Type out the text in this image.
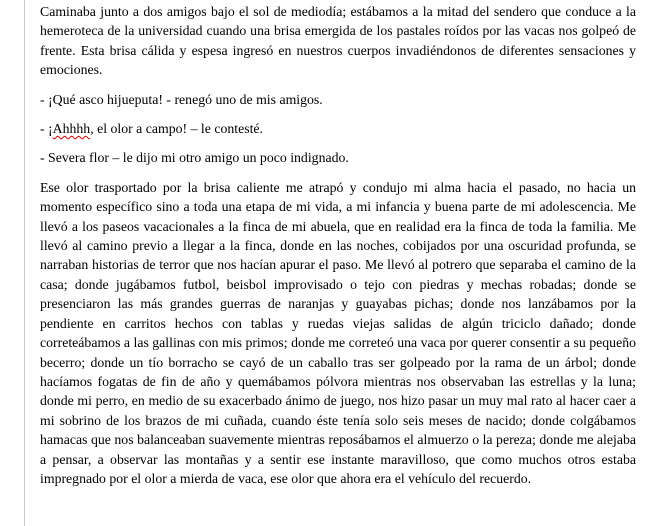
Caminaba junto a dos amigos bajo el sol de mediodía; estábamos a la mitad del sendero que conduce a la hemeroteca de la universidad cuando una brisa emergida de los pastales roídos por las vacas nos golpeó de frente. Esta brisa cálida y espesa ingresó en nuestros cuerpos invadiéndonos de diferentes sensaciones y emociones.

- ¡Qué asco hijueputa! - renegó uno de mis amigos.

- ¡Ahhhh, el olor a campo! – le contesté.

- Severa flor – le dijo mi otro amigo un poco indignado.

Ese olor trasportado por la brisa caliente me atrapó y condujo mi alma hacia el pasado, no hacia un momento específico sino a toda una etapa de mi vida, a mi infancia y buena parte de mi adolescencia. Me llevó a los paseos vacacionales a la finca de mi abuela, que en realidad era la finca de toda la familia. Me llevó al camino previo a llegar a la finca, donde en las noches, cobijados por una oscuridad profunda, se narraban historias de terror que nos hacían apurar el paso. Me llevó al potrero que separaba el camino de la casa; donde jugábamos futbol, beisbol improvisado o tejo con piedras y mechas robadas; donde se presenciaron las más grandes guerras de naranjas y guayabas pichas; donde nos lanzábamos por la pendiente en carritos hechos con tablas y ruedas viejas salidas de algún triciclo dañado; donde correteábamos a las gallinas con mis primos; donde me correteó una vaca por querer consentir a su pequeño becerro; donde un tío borracho se cayó de un caballo tras ser golpeado por la rama de un árbol; donde hacíamos fogatas de fin de año y quemábamos pólvora mientras nos observaban las estrellas y la luna; donde mi perro, en medio de su exacerbado ánimo de juego, nos hizo pasar un muy mal rato al hacer caer a mi sobrino de los brazos de mi cuñada, cuando éste tenía solo seis meses de nacido; donde colgábamos hamacas que nos balanceaban suavemente mientras reposábamos el almuerzo o la pereza; donde me alejaba a pensar, a observar las montañas y a sentir ese instante maravilloso, que como muchos otros estaba impregnado por el olor a mierda de vaca, ese olor que ahora era el vehículo del recuerdo.
